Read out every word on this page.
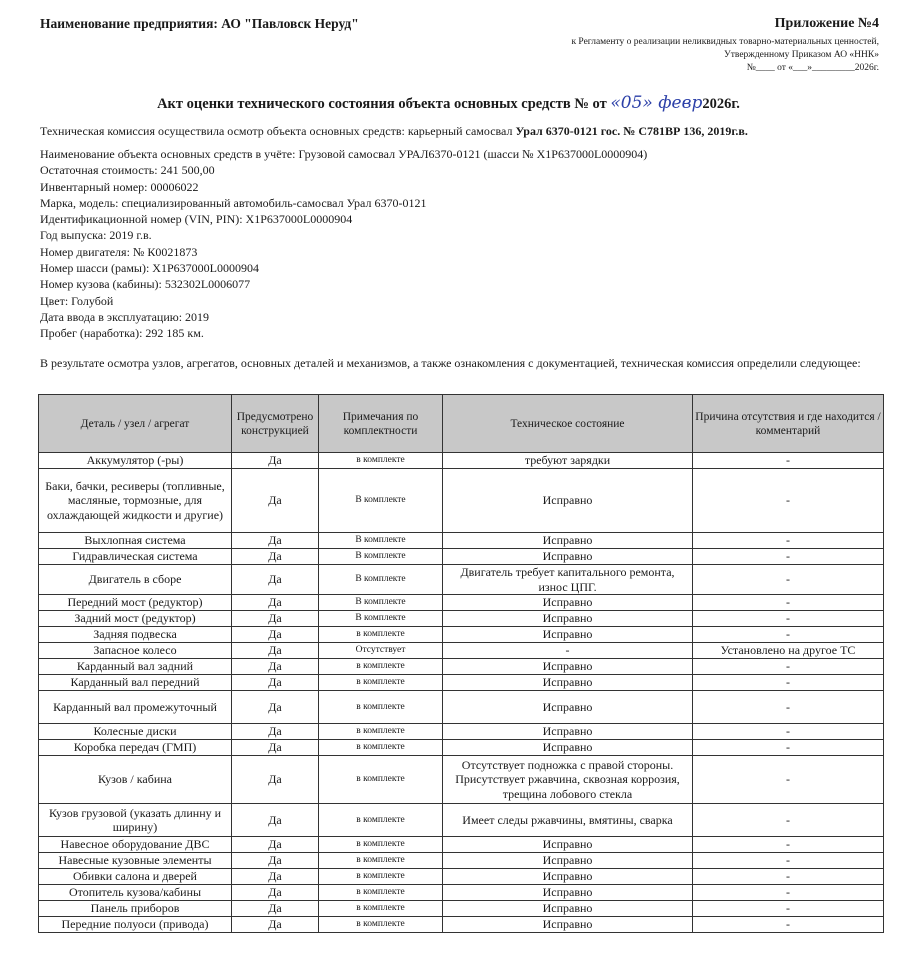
Наименование предприятия: АО "Павловск Неруд"	Приложение №4
к Регламенту о реализации неликвидных товарно-материальных ценностей,
Утвержденному Приказом АО «ННК»
№____ от «___»_________2026г.
Акт оценки технического состояния объекта основных средств № от «05» февр2026г.
Техническая комиссия осуществила осмотр объекта основных средств: карьерный самосвал Урал 6370-0121 гос. № С781ВР 136, 2019г.в.
Наименование объекта основных средств в учёте: Грузовой самосвал УРАЛ6370-0121 (шасси № X1P637000L0000904)
Остаточная стоимость: 241 500,00
Инвентарный номер: 00006022
Марка, модель: специализированный автомобиль-самосвал Урал 6370-0121
Идентификационной номер (VIN, PIN): X1P637000L0000904
Год выпуска: 2019 г.в.
Номер двигателя: № К0021873
Номер шасси (рамы): X1P637000L0000904
Номер кузова (кабины): 532302L0006077
Цвет: Голубой
Дата ввода в эксплуатацию: 2019
Пробег (наработка): 292 185 км.
В результате осмотра узлов, агрегатов, основных деталей и механизмов, а также ознакомления с документацией, техническая комиссия определили следующее:
Деталь / узел / агрегат	Предусмотрено конструкцией	Примечания по комплектности	Техническое состояние	Причина отсутствия и где находится / комментарий
Аккумулятор (-ры)	Да	в комплекте	требуют зарядки	-
Баки, бачки, ресиверы (топливные, масляные, тормозные, для охлаждающей жидкости и другие)	Да	В комплекте	Исправно	-
Выхлопная система	Да	В комплекте	Исправно	-
Гидравлическая система	Да	В комплекте	Исправно	-
Двигатель в сборе	Да	В комплекте	Двигатель требует капитального ремонта, износ ЦПГ.	-
Передний мост (редуктор)	Да	В комплекте	Исправно	-
Задний мост (редуктор)	Да	В комплекте	Исправно	-
Задняя подвеска	Да	в комплекте	Исправно	-
Запасное колесо	Да	Отсутствует	-	Установлено на другое ТС
Карданный вал задний	Да	в комплекте	Исправно	-
Карданный вал передний	Да	в комплекте	Исправно	-
Карданный вал промежуточный	Да	в комплекте	Исправно	-
Колесные диски	Да	в комплекте	Исправно	-
Коробка передач (ГМП)	Да	в комплекте	Исправно	-
Кузов / кабина	Да	в комплекте	Отсутствует подножка с правой стороны. Присутствует ржавчина, сквозная коррозия, трещина лобового стекла	-
Кузов грузовой (указать длинну и ширину)	Да	в комплекте	Имеет следы ржавчины, вмятины, сварка	-
Навесное оборудование ДВС	Да	в комплекте	Исправно	-
Навесные кузовные элементы	Да	в комплекте	Исправно	-
Обивки салона и дверей	Да	в комплекте	Исправно	-
Отопитель кузова/кабины	Да	в комплекте	Исправно	-
Панель приборов	Да	в комплекте	Исправно	-
Передние полуоси (привода)	Да	в комплекте	Исправно	-
